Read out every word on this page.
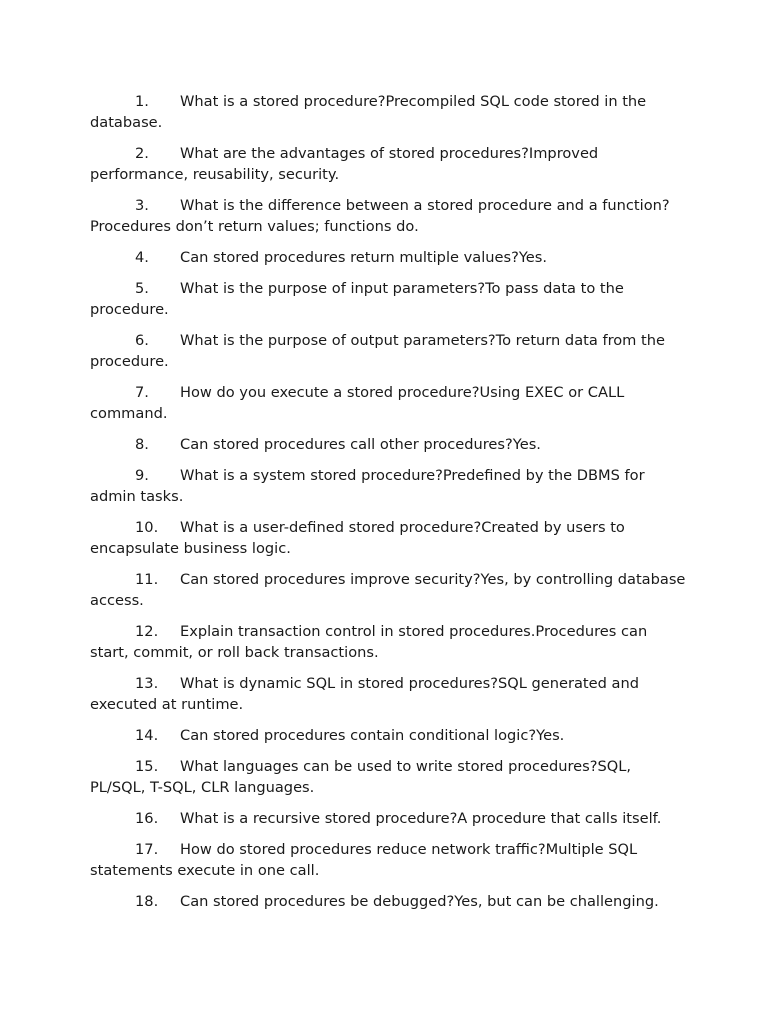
1. What is a stored procedure?Precompiled SQL code stored in the database.
2. What are the advantages of stored procedures?Improved performance, reusability, security.
3. What is the difference between a stored procedure and a function?Procedures don’t return values; functions do.
4. Can stored procedures return multiple values?Yes.
5. What is the purpose of input parameters?To pass data to the procedure.
6. What is the purpose of output parameters?To return data from the procedure.
7. How do you execute a stored procedure?Using EXEC or CALL command.
8. Can stored procedures call other procedures?Yes.
9. What is a system stored procedure?Predefined by the DBMS for admin tasks.
10. What is a user-defined stored procedure?Created by users to encapsulate business logic.
11. Can stored procedures improve security?Yes, by controlling database access.
12. Explain transaction control in stored procedures.Procedures can start, commit, or roll back transactions.
13. What is dynamic SQL in stored procedures?SQL generated and executed at runtime.
14. Can stored procedures contain conditional logic?Yes.
15. What languages can be used to write stored procedures?SQL, PL/SQL, T-SQL, CLR languages.
16. What is a recursive stored procedure?A procedure that calls itself.
17. How do stored procedures reduce network traffic?Multiple SQL statements execute in one call.
18. Can stored procedures be debugged?Yes, but can be challenging.
